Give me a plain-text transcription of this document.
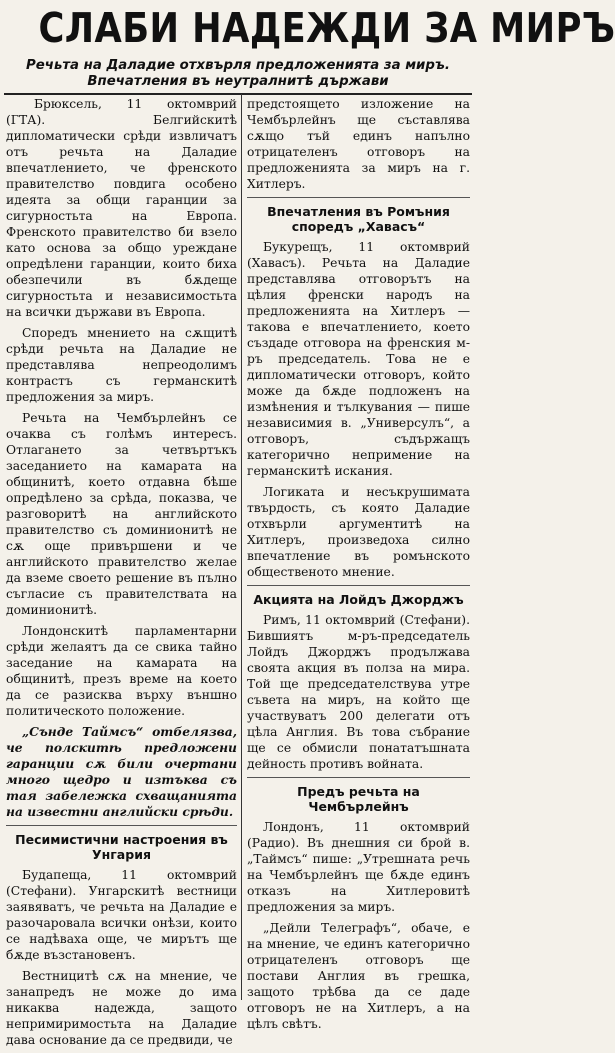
СЛАБИ НАДЕЖДИ ЗА МИРЪ
Речьта на Даладие отхвърля предложенията за миръ. Впечатления въ неутралнитѣ държави

Брюксель, 11 октомврий (ГТА). Белгийскитѣ дипломатически срѣди извличатъ отъ речьта на Даладие впечатлението, че френското правителство повдига особено идеята за общи гаранции за сигурностьта на Европа. Френското правителство би взело като основа за общо уреждане опредѣлени гаранции, които биха обезпечили въ бѫдеще сигурностьта и независимостьта на всички държави въ Европа.

Споредъ мнението на сѫщитѣ срѣди речьта на Даладие не представлява непреодолимъ контрастъ съ германскитѣ предложения за миръ.

Речьта на Чембърлейнъ се очаква съ голѣмъ интересъ. Отлагането за четвъртъкъ заседанието на камарата на общинитѣ, което отдавна бѣше опредѣлено за срѣда, показва, че разговоритѣ на английското правителство съ доминионитѣ не сѫ още привършени и че английското правителство желае да вземе своето решение въ пълно съгласие съ правителствата на доминионитѣ.

Лондонскитѣ парламентарни срѣди желаятъ да се свика тайно заседание на камарата на общинитѣ, презъ време на което да се разисква върху външно политическото положение.

„Сънде Таймсъ“ отбелязва, че полскитѣ предложени гаранции сѫ били очертани много щедро и изтъква съ тая забележка схващанията на известни английски срѣди.

Песимистични настроения въ Унгария

Будапеща, 11 октомврий (Стефани). Унгарскитѣ вестници заявяватъ, че речьта на Даладие е разочаровала всички онѣзи, които се надѣваха още, че мирътъ ще бѫде възстановенъ.

Вестницитѣ сѫ на мнение, че занапредъ не може до има никаква надежда, защото непримиримостьта на Даладие дава основание да се предвиди, че

предстоящето изложение на Чембърлейнъ ще съставлява сѫщо тъй единъ напълно отрицателенъ отговоръ на предложенията за миръ на г. Хитлеръ.

Впечатления въ Ромъния споредъ „Хавасъ“

Букурещъ, 11 октомврий (Хавасъ). Речьта на Даладие представлява отговорътъ на цѣлия френски народъ на предложенията на Хитлеръ — такова е впечатлението, което създаде отговора на френския м-ръ председатель. Това не е дипломатически отговоръ, който може да бѫде подложенъ на измѣнения и тълкувания — пише независимия в. „Универсулъ“, а отговоръ, съдържащъ категорично непримение на германскитѣ искания.

Логиката и несъкрушимата твърдость, съ която Даладие отхвърли аргументитѣ на Хитлеръ, произведоха силно впечатление въ ромънското общественото мнение.

Акцията на Лойдъ Джорджъ

Римъ, 11 октомврий (Стефани). Бившиятъ м-ръ-председатель Лойдъ Джорджъ продължава своята акция въ полза на мира. Той ще председателствува утре съвета на миръ, на който ще участвуватъ 200 делегати отъ цѣла Англия. Въ това събрание ще се обмисли понататъшната дейность противъ войната.

Предъ речьта на Чембърлейнъ

Лондонъ, 11 октомврий (Радио). Въ днешния си брой в. „Таймсъ“ пише: „Утрешната речь на Чембърлейнъ ще бѫде единъ отказъ на Хитлеровитѣ предложения за миръ.

„Дейли Телеграфъ“, обаче, е на мнение, че единъ категорично отрицателенъ отговоръ ще постави Англия въ грешка, защото трѣбва да се даде отговоръ не на Хитлеръ, а на цѣлъ свѣтъ.
